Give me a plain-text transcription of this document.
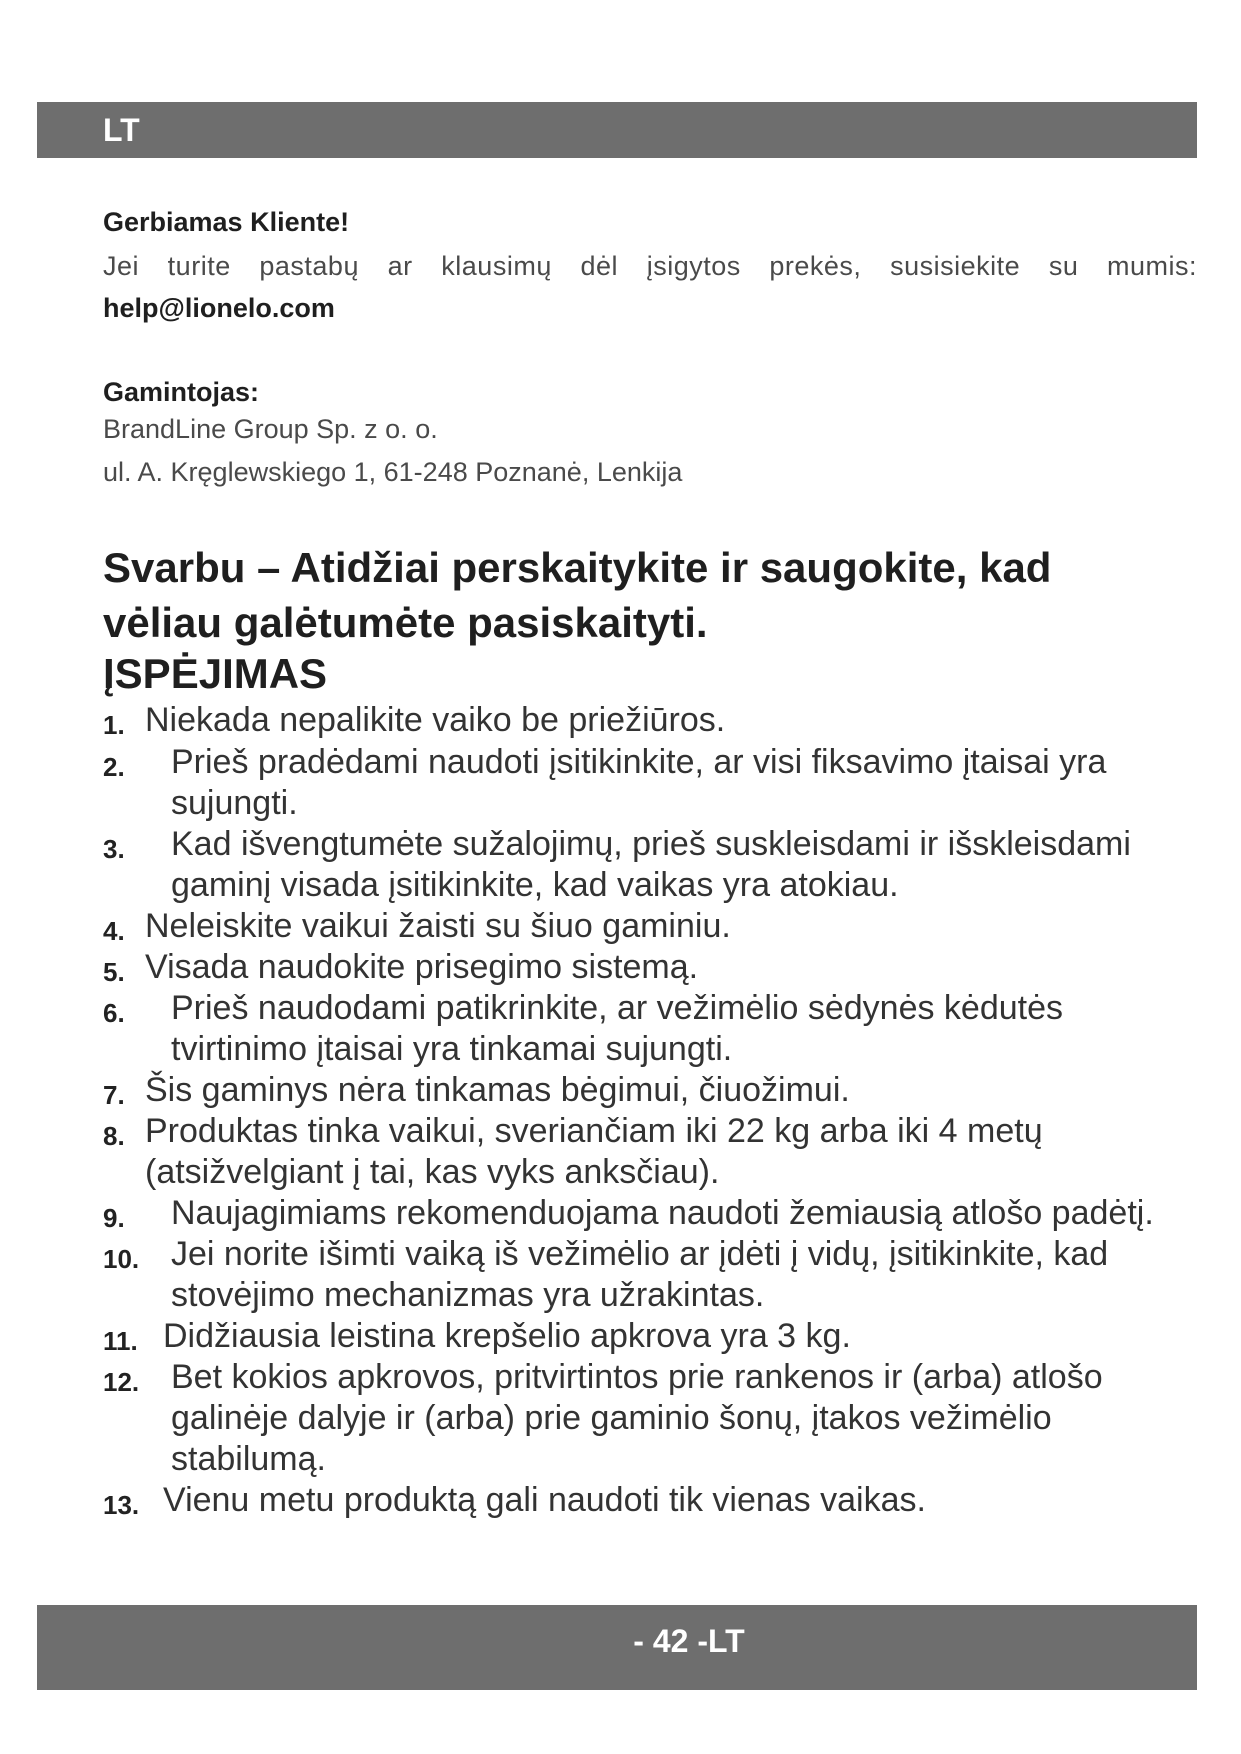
LT
Gerbiamas Kliente!
Jei turite pastabų ar klausimų dėl įsigytos prekės, susisiekite su mumis:
help@lionelo.com
Gamintojas:
BrandLine Group Sp. z o. o.
ul. A. Kręglewskiego 1, 61-248 Poznanė, Lenkija
Svarbu – Atidžiai perskaitykite ir saugokite, kad vėliau galėtumėte pasiskaityti.
ĮSPĖJIMAS
1. Niekada nepalikite vaiko be priežiūros.
2. Prieš pradėdami naudoti įsitikinkite, ar visi fiksavimo įtaisai yra sujungti.
3. Kad išvengtumėte sužalojimų, prieš suskleisdami ir išskleisdami gaminį visada įsitikinkite, kad vaikas yra atokiau.
4. Neleiskite vaikui žaisti su šiuo gaminiu.
5. Visada naudokite prisegimo sistemą.
6. Prieš naudodami patikrinkite, ar vežimėlio sėdynės kėdutės tvirtinimo įtaisai yra tinkamai sujungti.
7. Šis gaminys nėra tinkamas bėgimui, čiuožimui.
8. Produktas tinka vaikui, sveriančiam iki 22 kg arba iki 4 metų (atsižvelgiant į tai, kas vyks anksčiau).
9. Naujagimiams rekomenduojama naudoti žemiausią atlošo padėtį.
10. Jei norite išimti vaiką iš vežimėlio ar įdėti į vidų, įsitikinkite, kad stovėjimo mechanizmas yra užrakintas.
11. Didžiausia leistina krepšelio apkrova yra 3 kg.
12. Bet kokios apkrovos, pritvirtintos prie rankenos ir (arba) atlošo galinėje dalyje ir (arba) prie gaminio šonų, įtakos vežimėlio stabilumą.
13. Vienu metu produktą gali naudoti tik vienas vaikas.
- 42 -LT
